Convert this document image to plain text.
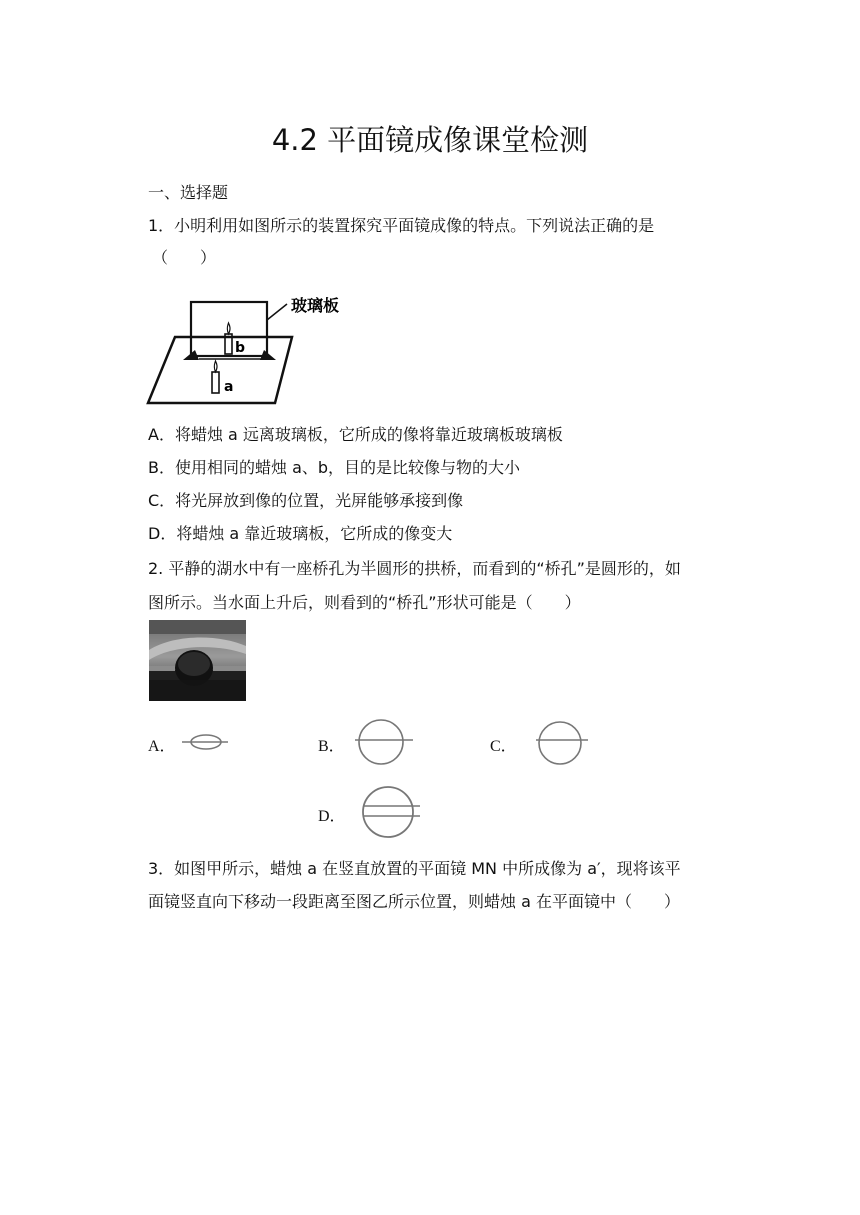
4.2 平面镜成像课堂检测
一、选择题
1．小明利用如图所示的装置探究平面镜成像的特点。下列说法正确的是
（　　）
玻璃板
b
a
A．将蜡烛 a 远离玻璃板，它所成的像将靠近玻璃板玻璃板
B．使用相同的蜡烛 a、b，目的是比较像与物的大小
C．将光屏放到像的位置，光屏能够承接到像
D．将蜡烛 a 靠近玻璃板，它所成的像变大
2. 平静的湖水中有一座桥孔为半圆形的拱桥，而看到的“桥孔”是圆形的，如
图所示。当水面上升后，则看到的“桥孔”形状可能是（　　）
A．	B．	C．
D．
3．如图甲所示，蜡烛 a 在竖直放置的平面镜 MN 中所成像为 a′，现将该平
面镜竖直向下移动一段距离至图乙所示位置，则蜡烛 a 在平面镜中（　　）
